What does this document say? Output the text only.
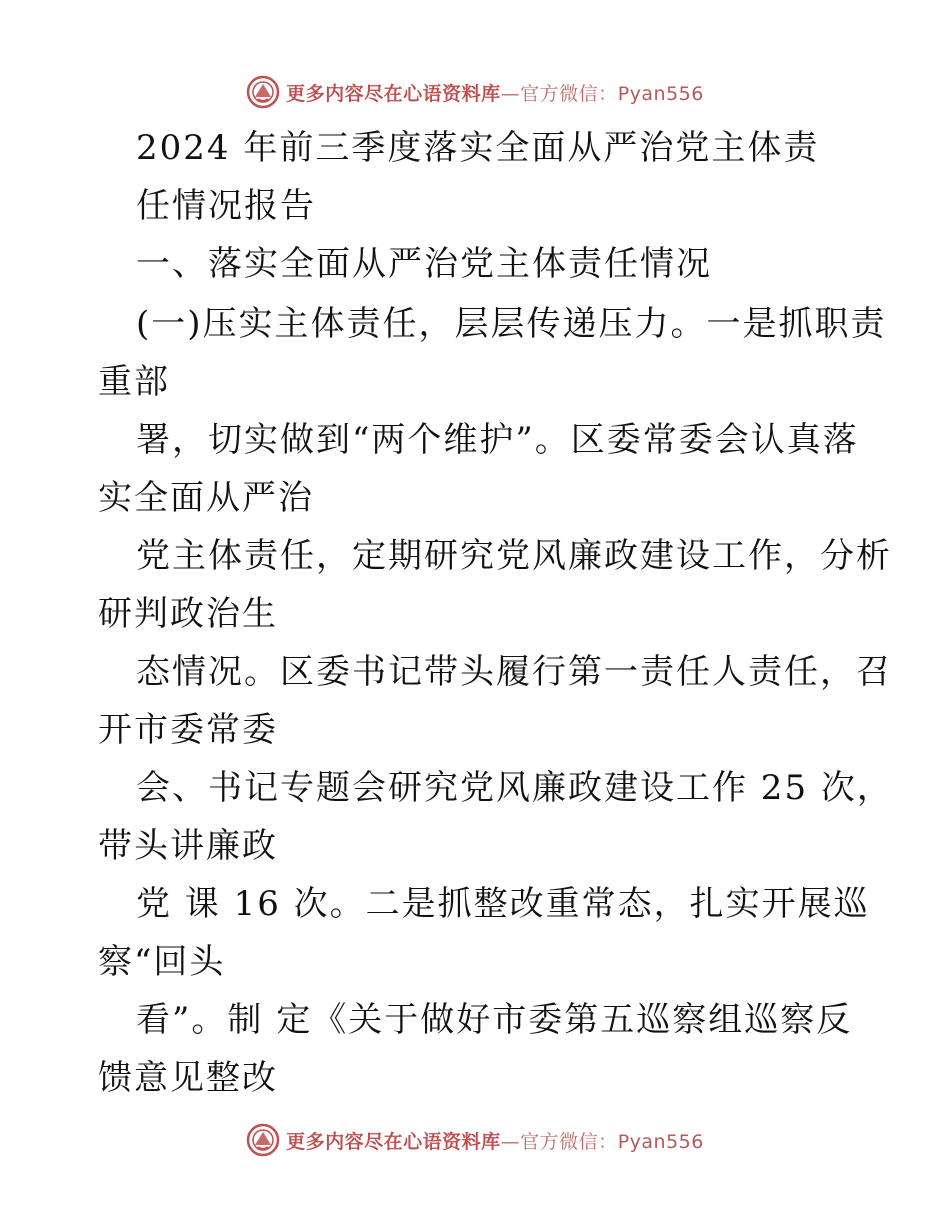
更多内容尽在心语资料库—官方微信：Pyan556
2024 年前三季度落实全面从严治党主体责
任情况报告
一、落实全面从严治党主体责任情况
(一)压实主体责任，层层传递压力。一是抓职责
重部
署，切实做到“两个维护”。区委常委会认真落
实全面从严治
党主体责任，定期研究党风廉政建设工作，分析
研判政治生
态情况。区委书记带头履行第一责任人责任，召
开市委常委
会、书记专题会研究党风廉政建设工作 25 次，
带头讲廉政
党 课 16 次。二是抓整改重常态，扎实开展巡
察“回头
看”。制 定《关于做好市委第五巡察组巡察反
馈意见整改
更多内容尽在心语资料库—官方微信：Pyan556
